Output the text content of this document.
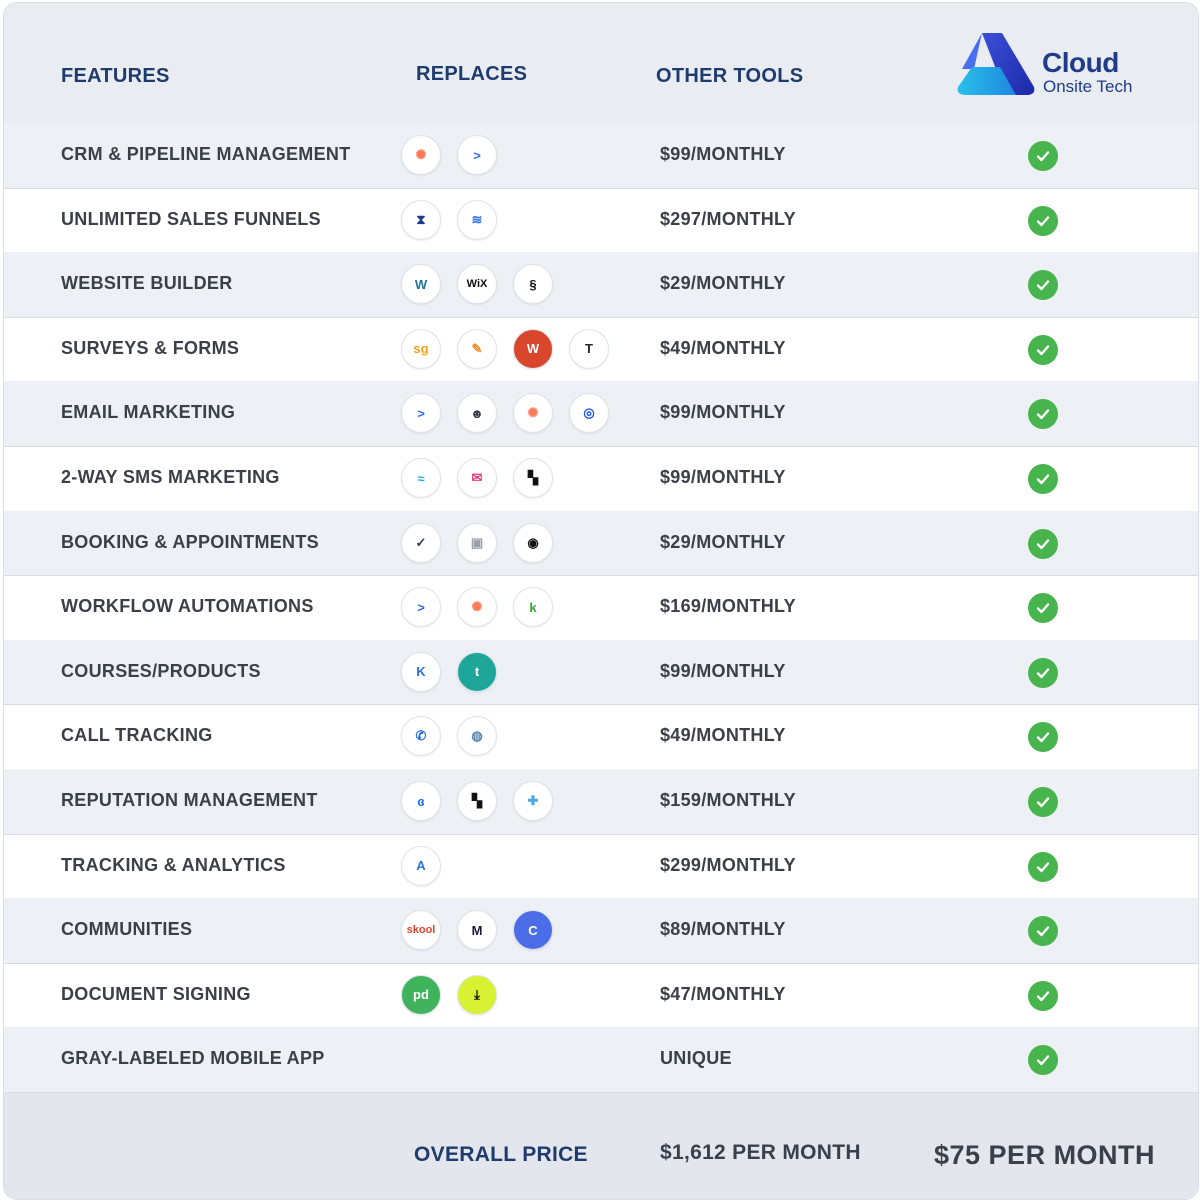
FEATURES	REPLACES	OTHER TOOLS	Cloud
Onsite Tech
CRM & PIPELINE MANAGEMENT	✺	>	$99/MONTHLY
UNLIMITED SALES FUNNELS	⧗	≋	$297/MONTHLY
WEBSITE BUILDER	W	WiX	§	$29/MONTHLY
SURVEYS & FORMS	sg	✎	W	T	$49/MONTHLY
EMAIL MARKETING	>	☻	✺	◎	$99/MONTHLY
2-WAY SMS MARKETING	≈	✉	▚	$99/MONTHLY
BOOKING & APPOINTMENTS	✓	▣	◉	$29/MONTHLY
WORKFLOW AUTOMATIONS	>	✺	k	$169/MONTHLY
COURSES/PRODUCTS	K	t	$99/MONTHLY
CALL TRACKING	✆	◍	$49/MONTHLY
REPUTATION MANAGEMENT	ɞ	▚	✚	$159/MONTHLY
TRACKING & ANALYTICS	A	$299/MONTHLY
COMMUNITIES	skool	M	C	$89/MONTHLY
DOCUMENT SIGNING	pd	⤓	$47/MONTHLY
GRAY-LABELED MOBILE APP	UNIQUE
OVERALL PRICE	$1,612 PER MONTH	$75 PER MONTH
